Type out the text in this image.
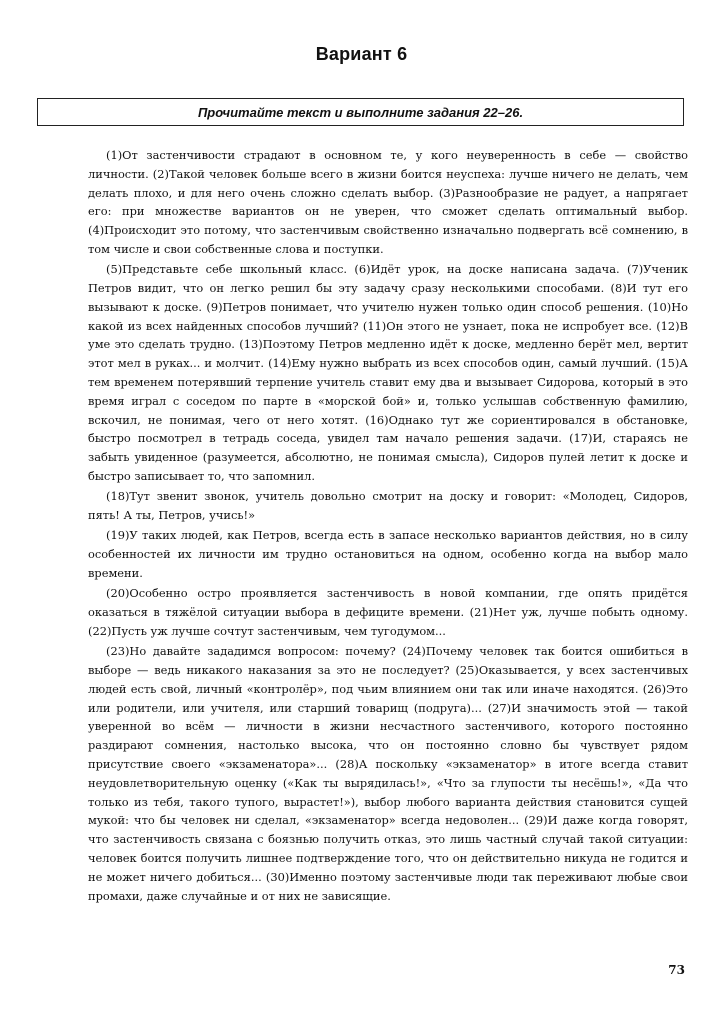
Вариант 6
Прочитайте текст и выполните задания 22–26.

(1)От застенчивости страдают в основном те, у кого неуверенность в себе — свойство личности. (2)Такой человек больше всего в жизни боится неуспеха: лучше ничего не делать, чем делать плохо, и для него очень сложно сделать выбор. (3)Разнообразие не радует, а напрягает его: при множестве вариантов он не уверен, что сможет сделать оптимальный выбор. (4)Происходит это потому, что застенчивым свойственно изначально подвергать всё сомнению, в том числе и свои собственные слова и поступки.

(5)Представьте себе школьный класс. (6)Идёт урок, на доске написана задача. (7)Ученик Петров видит, что он легко решил бы эту задачу сразу несколькими способами. (8)И тут его вызывают к доске. (9)Петров понимает, что учителю нужен только один способ решения. (10)Но какой из всех найденных способов лучший? (11)Он этого не узнает, пока не испробует все. (12)В уме это сделать трудно. (13)Поэтому Петров медленно идёт к доске, медленно берёт мел, вертит этот мел в руках... и молчит. (14)Ему нужно выбрать из всех способов один, самый лучший. (15)А тем временем потерявший терпение учитель ставит ему два и вызывает Сидорова, который в это время играл с соседом по парте в «морской бой» и, только услышав собственную фамилию, вскочил, не понимая, чего от него хотят. (16)Однако тут же сориентировался в обстановке, быстро посмотрел в тетрадь соседа, увидел там начало решения задачи. (17)И, стараясь не забыть увиденное (разумеется, абсолютно, не понимая смысла), Сидоров пулей летит к доске и быстро записывает то, что запомнил.

(18)Тут звенит звонок, учитель довольно смотрит на доску и говорит: «Молодец, Сидоров, пять! А ты, Петров, учись!»

(19)У таких людей, как Петров, всегда есть в запасе несколько вариантов действия, но в силу особенностей их личности им трудно остановиться на одном, особенно когда на выбор мало времени.

(20)Особенно остро проявляется застенчивость в новой компании, где опять придётся оказаться в тяжёлой ситуации выбора в дефиците времени. (21)Нет уж, лучше побыть одному. (22)Пусть уж лучше сочтут застенчивым, чем тугодумом...

(23)Но давайте зададимся вопросом: почему? (24)Почему человек так боится ошибиться в выборе — ведь никакого наказания за это не последует? (25)Оказывается, у всех застенчивых людей есть свой, личный «контролёр», под чьим влиянием они так или иначе находятся. (26)Это или родители, или учителя, или старший товарищ (подруга)... (27)И значимость этой — такой уверенной во всём — личности в жизни несчастного застенчивого, которого постоянно раздирают сомнения, настолько высока, что он постоянно словно бы чувствует рядом присутствие своего «экзаменатора»... (28)А поскольку «экзаменатор» в итоге всегда ставит неудовлетворительную оценку («Как ты вырядилась!», «Что за глупости ты несёшь!», «Да что только из тебя, такого тупого, вырастет!»), выбор любого варианта действия становится сущей мукой: что бы человек ни сделал, «экзаменатор» всегда недоволен... (29)И даже когда говорят, что застенчивость связана с боязнью получить отказ, это лишь частный случай такой ситуации: человек боится получить лишнее подтверждение того, что он действительно никуда не годится и не может ничего добиться... (30)Именно поэтому застенчивые люди так переживают любые свои промахи, даже случайные и от них не зависящие.

73
